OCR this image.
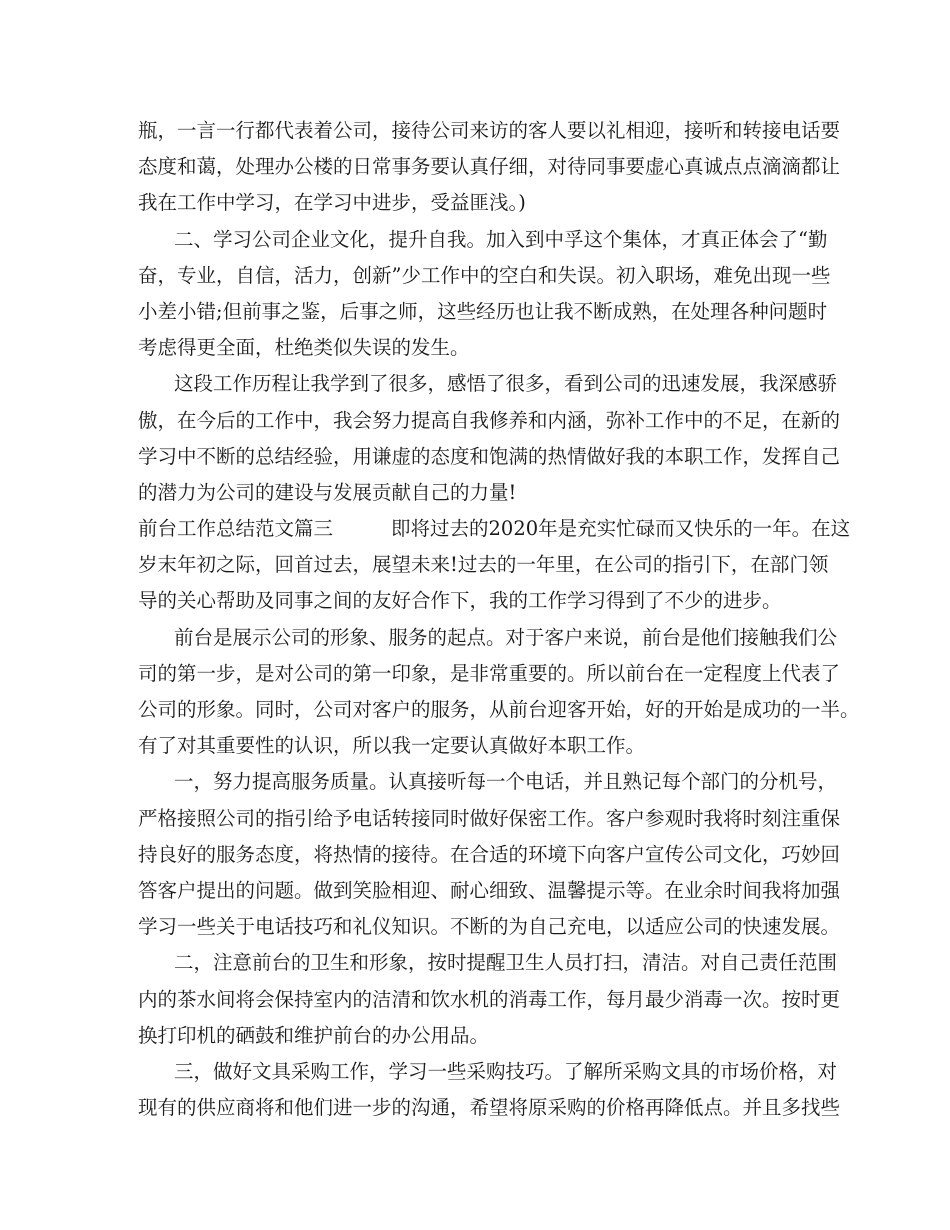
瓶，一言一行都代表着公司，接待公司来访的客人要以礼相迎，接听和转接电话要
态度和蔼，处理办公楼的日常事务要认真仔细，对待同事要虚心真诚点点滴滴都让
我在工作中学习，在学习中进步，受益匪浅。)
二、学习公司企业文化，提升自我。加入到中孚这个集体，才真正体会了“勤
奋，专业，自信，活力，创新”少工作中的空白和失误。初入职场，难免出现一些
小差小错;但前事之鉴，后事之师，这些经历也让我不断成熟，在处理各种问题时
考虑得更全面，杜绝类似失误的发生。
这段工作历程让我学到了很多，感悟了很多，看到公司的迅速发展，我深感骄
傲，在今后的工作中，我会努力提高自我修养和内涵，弥补工作中的不足，在新的
学习中不断的总结经验，用谦虚的态度和饱满的热情做好我的本职工作，发挥自己
的潜力为公司的建设与发展贡献自己的力量!
前台工作总结范文篇三	即将过去的2020年是充实忙碌而又快乐的一年。在这
岁末年初之际，回首过去，展望未来!过去的一年里，在公司的指引下，在部门领
导的关心帮助及同事之间的友好合作下，我的工作学习得到了不少的进步。
前台是展示公司的形象、服务的起点。对于客户来说，前台是他们接触我们公
司的第一步，是对公司的第一印象，是非常重要的。所以前台在一定程度上代表了
公司的形象。同时，公司对客户的服务，从前台迎客开始，好的开始是成功的一半。
有了对其重要性的认识，所以我一定要认真做好本职工作。
一，努力提高服务质量。认真接听每一个电话，并且熟记每个部门的分机号，
严格接照公司的指引给予电话转接同时做好保密工作。客户参观时我将时刻注重保
持良好的服务态度，将热情的接待。在合适的环境下向客户宣传公司文化，巧妙回
答客户提出的问题。做到笑脸相迎、耐心细致、温馨提示等。在业余时间我将加强
学习一些关于电话技巧和礼仪知识。不断的为自己充电，以适应公司的快速发展。
二，注意前台的卫生和形象，按时提醒卫生人员打扫，清洁。对自己责任范围
内的茶水间将会保持室内的洁清和饮水机的消毒工作，每月最少消毒一次。按时更
换打印机的硒鼓和维护前台的办公用品。
三，做好文具采购工作，学习一些采购技巧。了解所采购文具的市场价格，对
现有的供应商将和他们进一步的沟通，希望将原采购的价格再降低点。并且多找些
